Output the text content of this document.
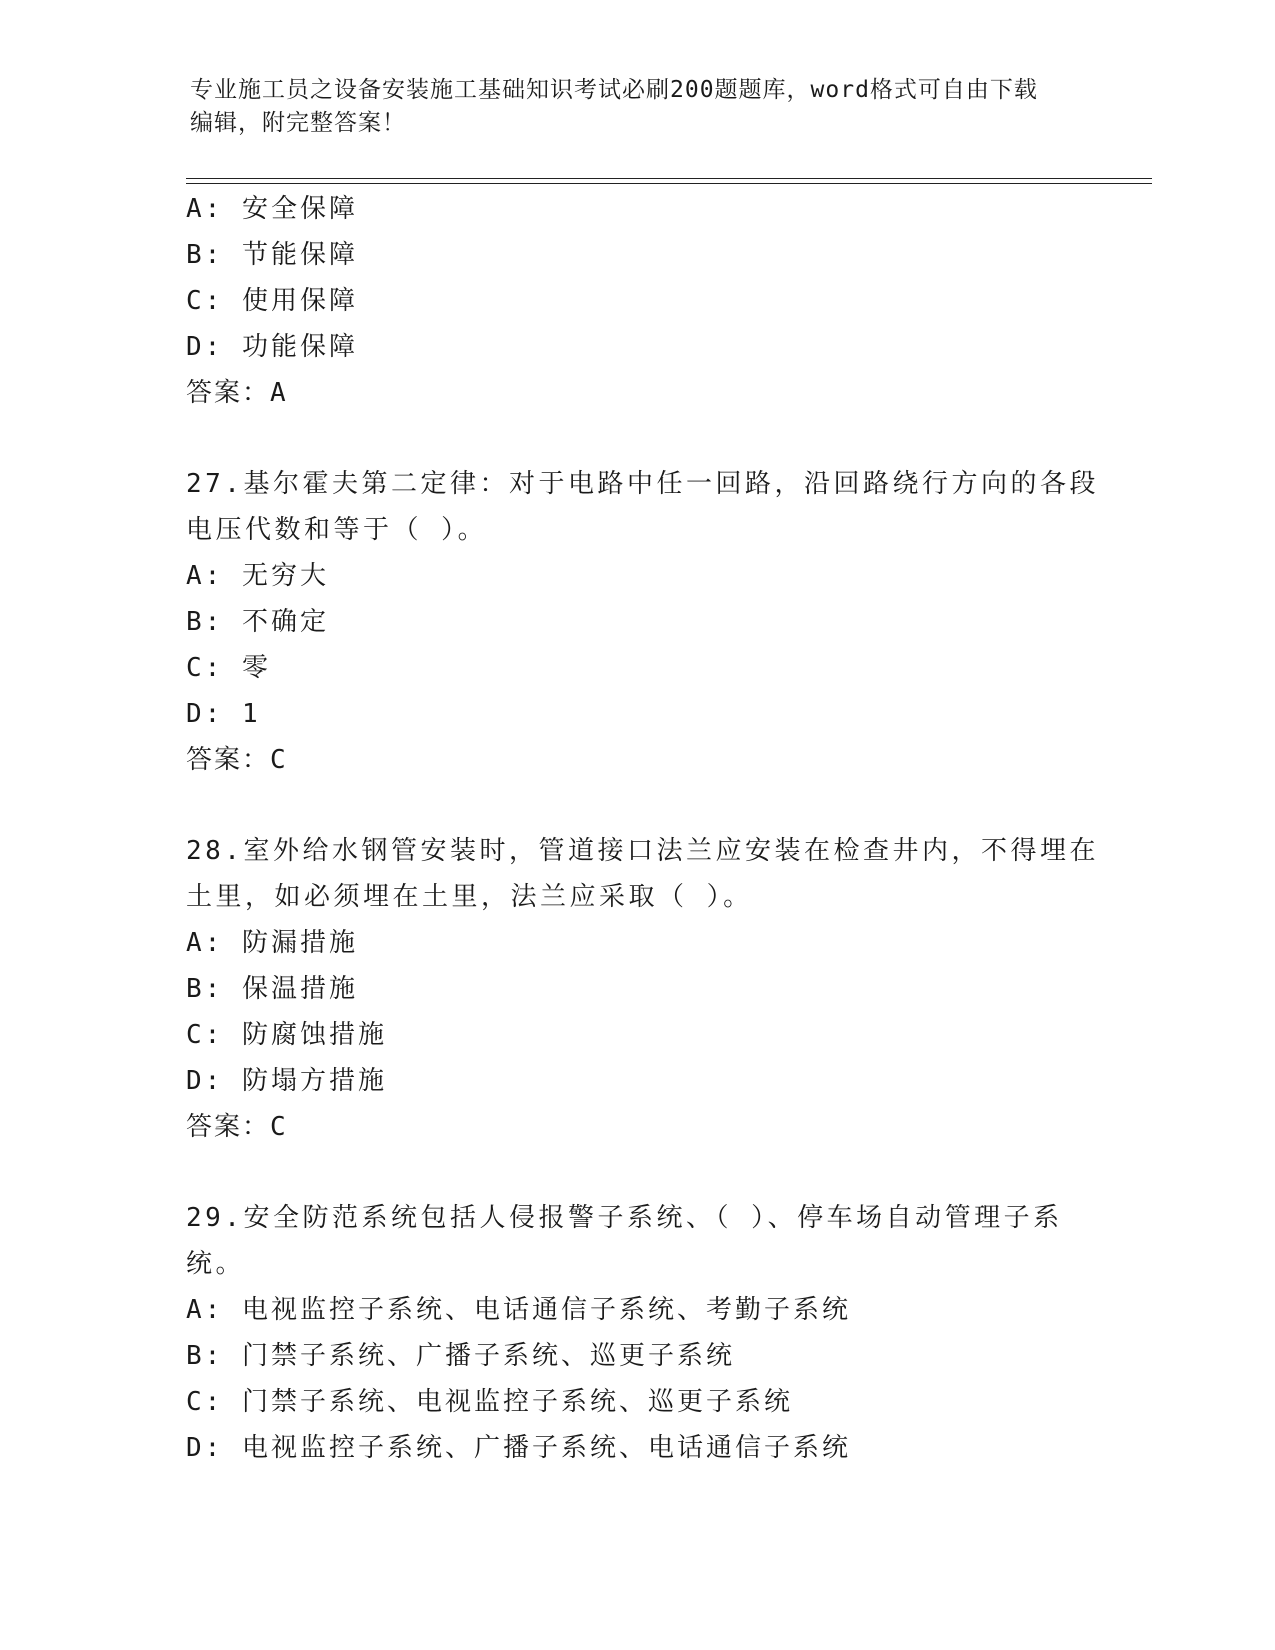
专业施工员之设备安装施工基础知识考试必刷200题题库，word格式可自由下载
编辑，附完整答案！
A: 安全保障
B: 节能保障
C: 使用保障
D: 功能保障
答案：A
27.基尔霍夫第二定律：对于电路中任一回路，沿回路绕行方向的各段
电压代数和等于（ ）。
A: 无穷大
B: 不确定
C: 零
D: 1
答案：C
28.室外给水钢管安装时，管道接口法兰应安装在检查井内，不得埋在
土里，如必须埋在土里，法兰应采取（ ）。
A: 防漏措施
B: 保温措施
C: 防腐蚀措施
D: 防塌方措施
答案：C
29.安全防范系统包括人侵报警子系统、（ ）、停车场自动管理子系
统。
A: 电视监控子系统、电话通信子系统、考勤子系统
B: 门禁子系统、广播子系统、巡更子系统
C: 门禁子系统、电视监控子系统、巡更子系统
D: 电视监控子系统、广播子系统、电话通信子系统
